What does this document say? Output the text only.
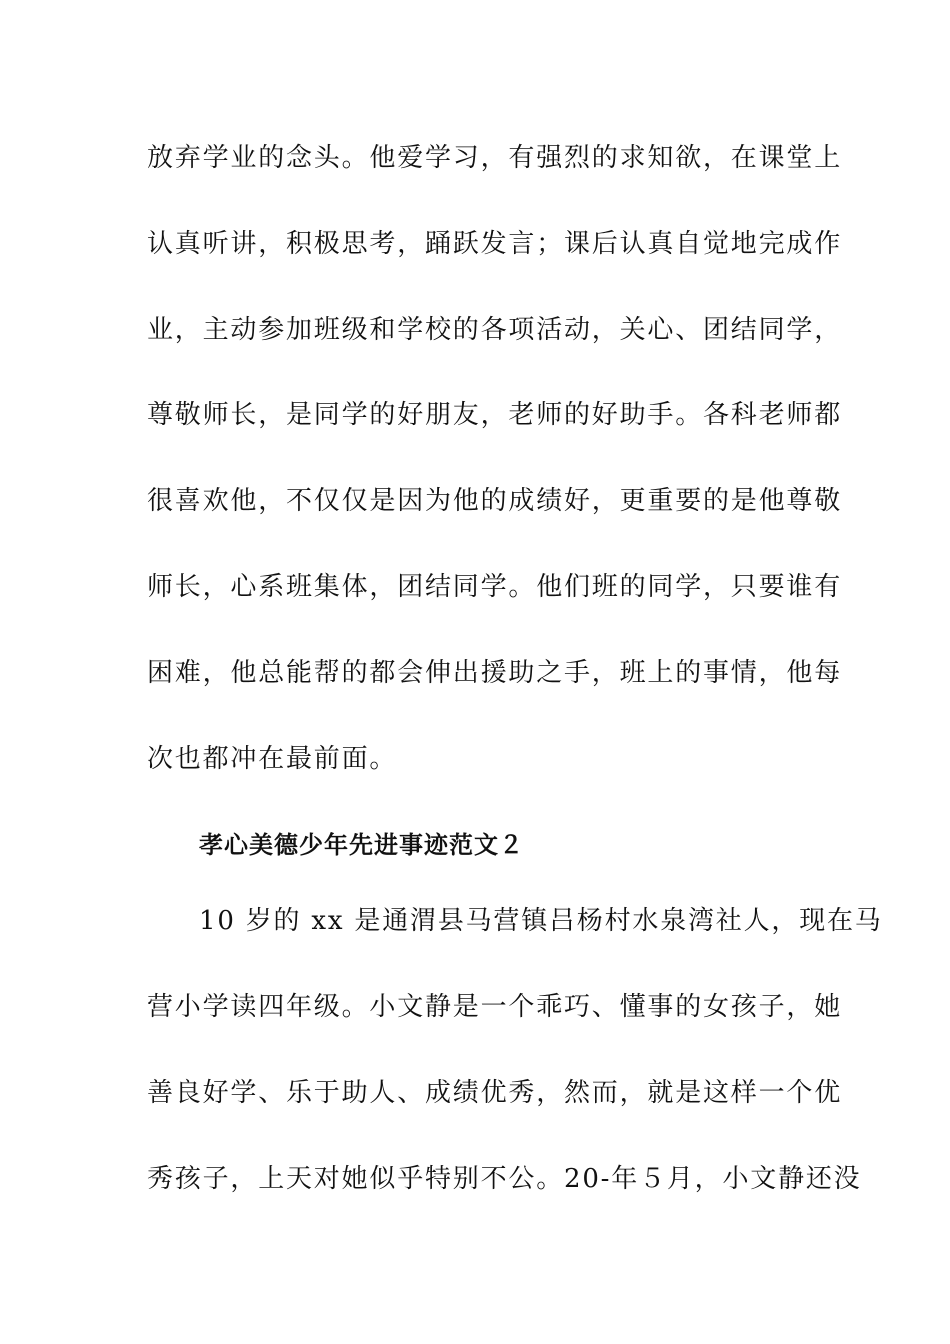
放弃学业的念头。他爱学习，有强烈的求知欲，在课堂上
认真听讲，积极思考，踊跃发言；课后认真自觉地完成作
业，主动参加班级和学校的各项活动，关心、团结同学，
尊敬师长，是同学的好朋友，老师的好助手。各科老师都
很喜欢他，不仅仅是因为他的成绩好，更重要的是他尊敬
师长，心系班集体，团结同学。他们班的同学，只要谁有
困难，他总能帮的都会伸出援助之手，班上的事情，他每
次也都冲在最前面。
孝心美德少年先进事迹范文２
10 岁的 xx 是通渭县马营镇吕杨村水泉湾社人，现在马
营小学读四年级。小文静是一个乖巧、懂事的女孩子，她
善良好学、乐于助人、成绩优秀，然而，就是这样一个优
秀孩子，上天对她似乎特别不公。20-年５月，小文静还没
